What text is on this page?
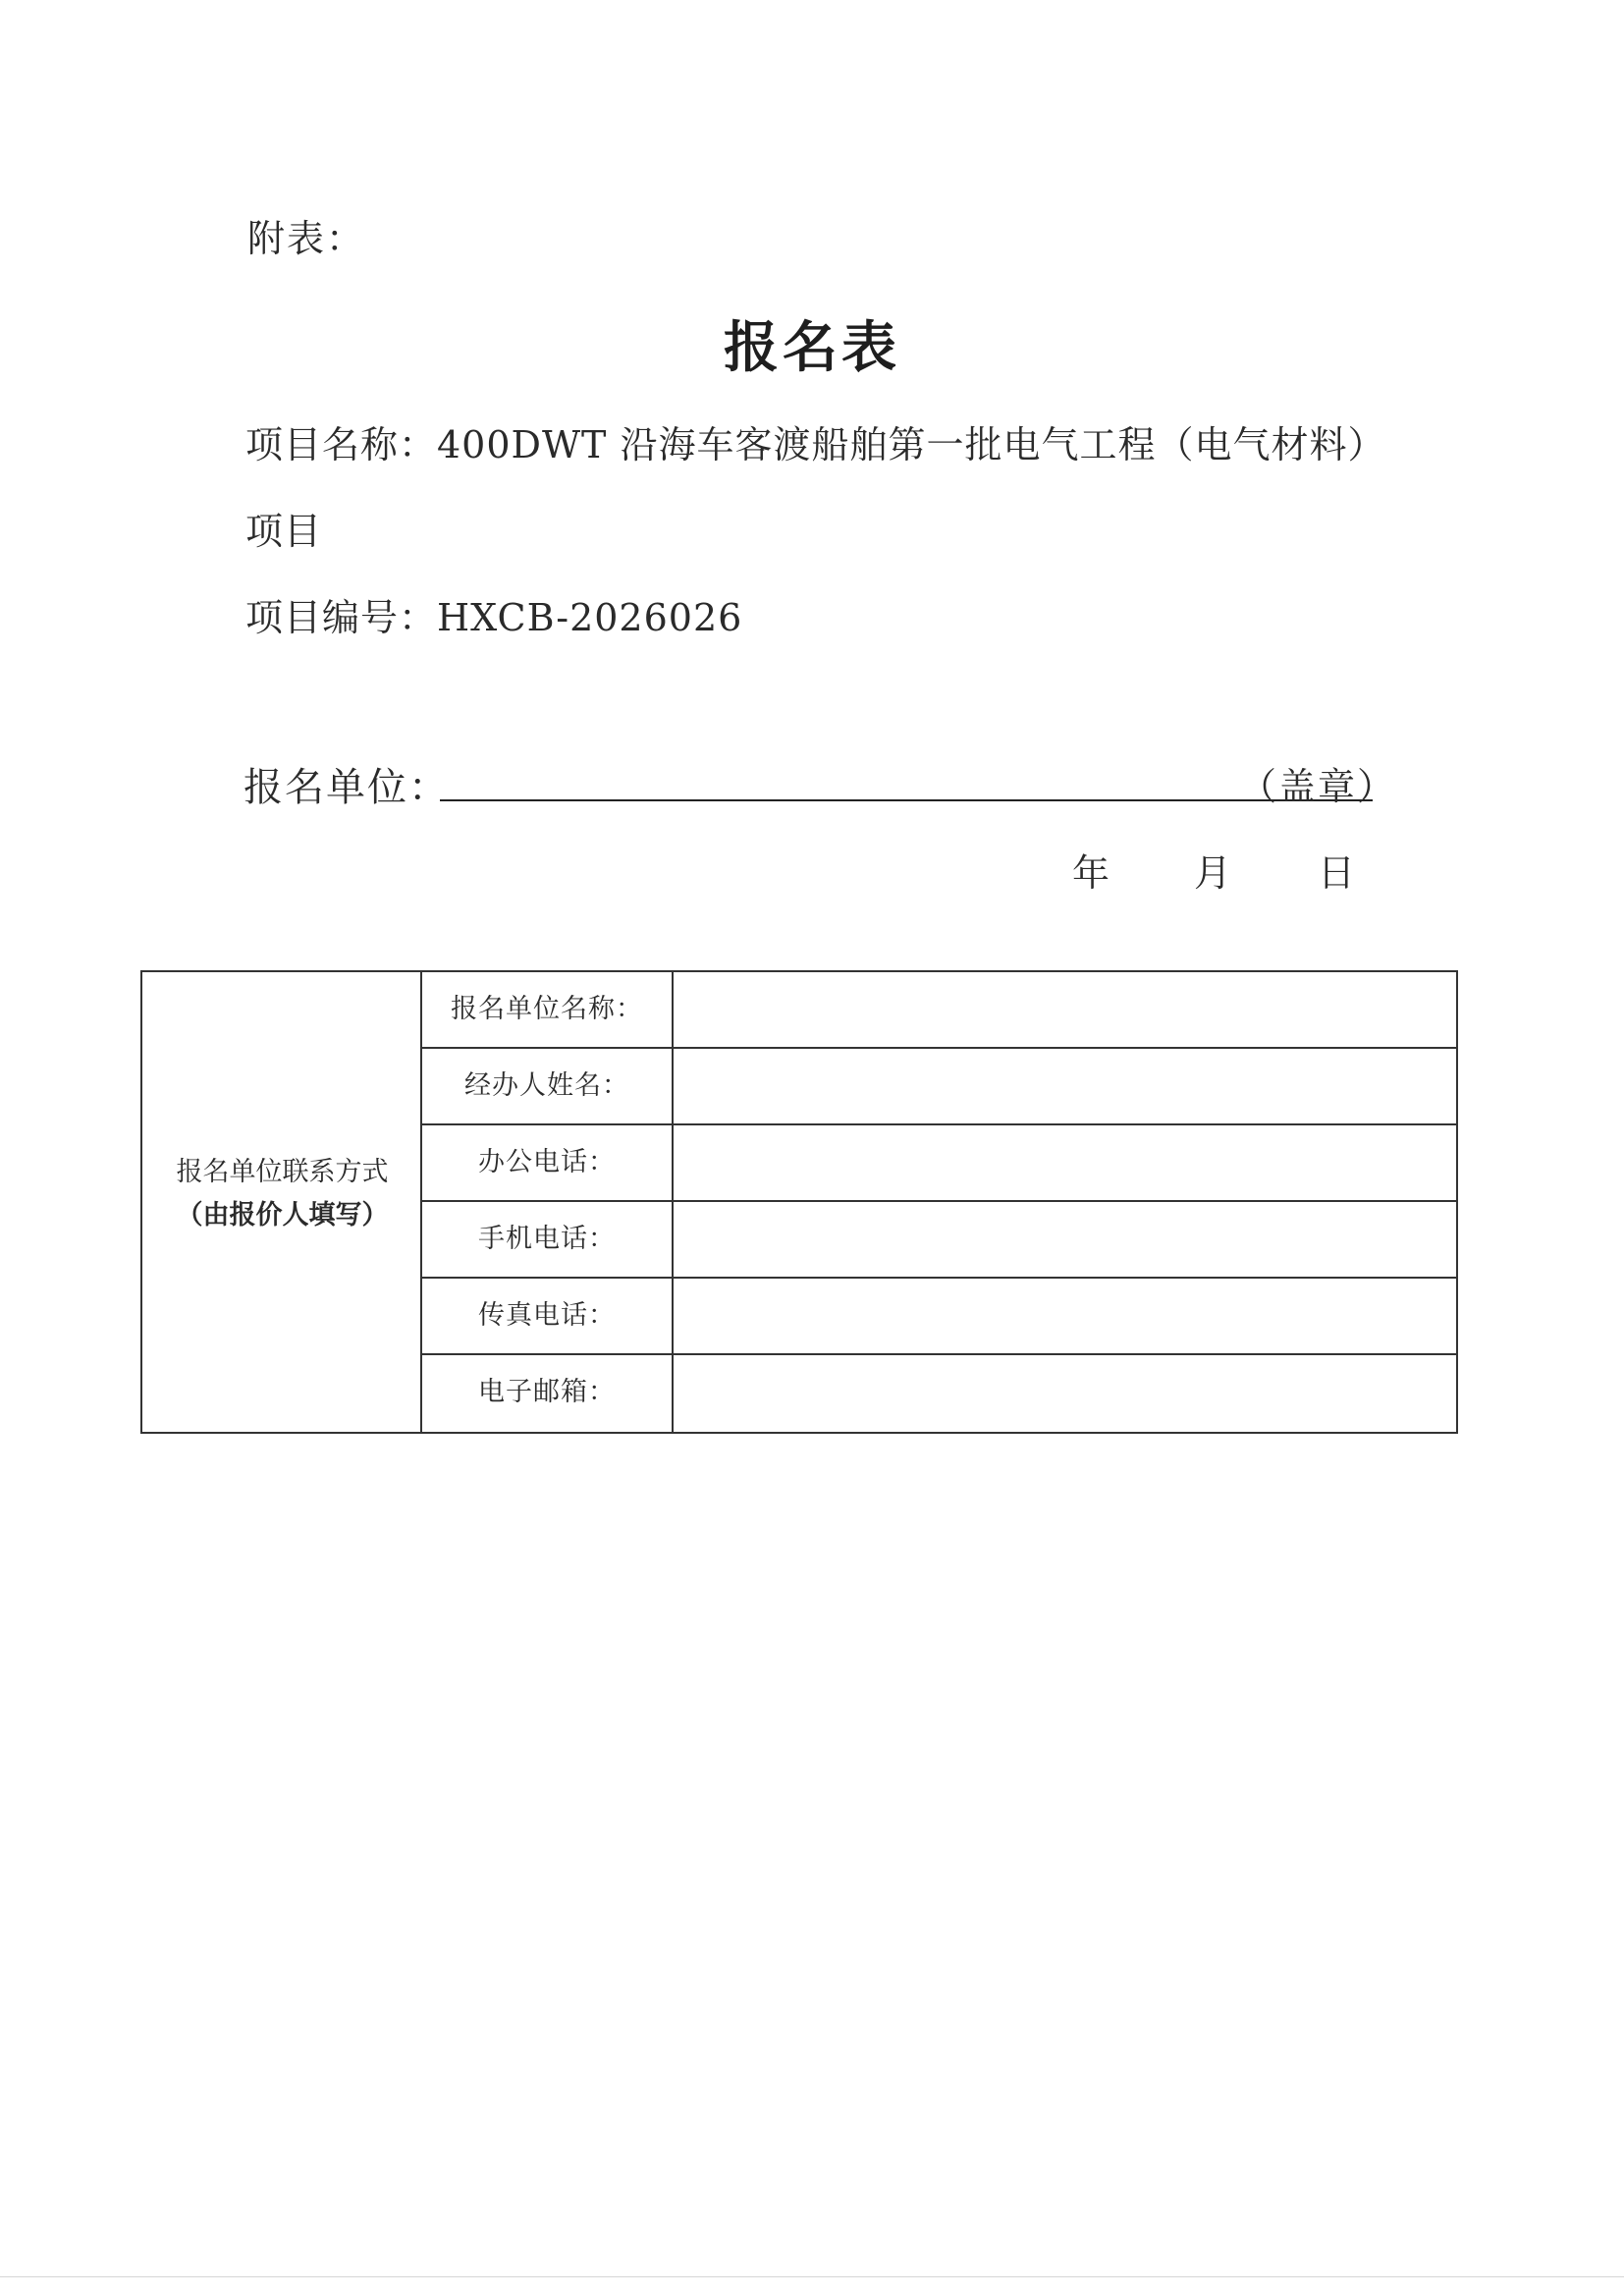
附表：
报名表
项目名称：400DWT 沿海车客渡船舶第一批电气工程（电气材料）
项目
项目编号：HXCB-2026026
报名单位：	（盖章）
年 月 日
报名单位联系方式
（由报价人填写）
报名单位名称：
经办人姓名：
办公电话：
手机电话：
传真电话：
电子邮箱：
